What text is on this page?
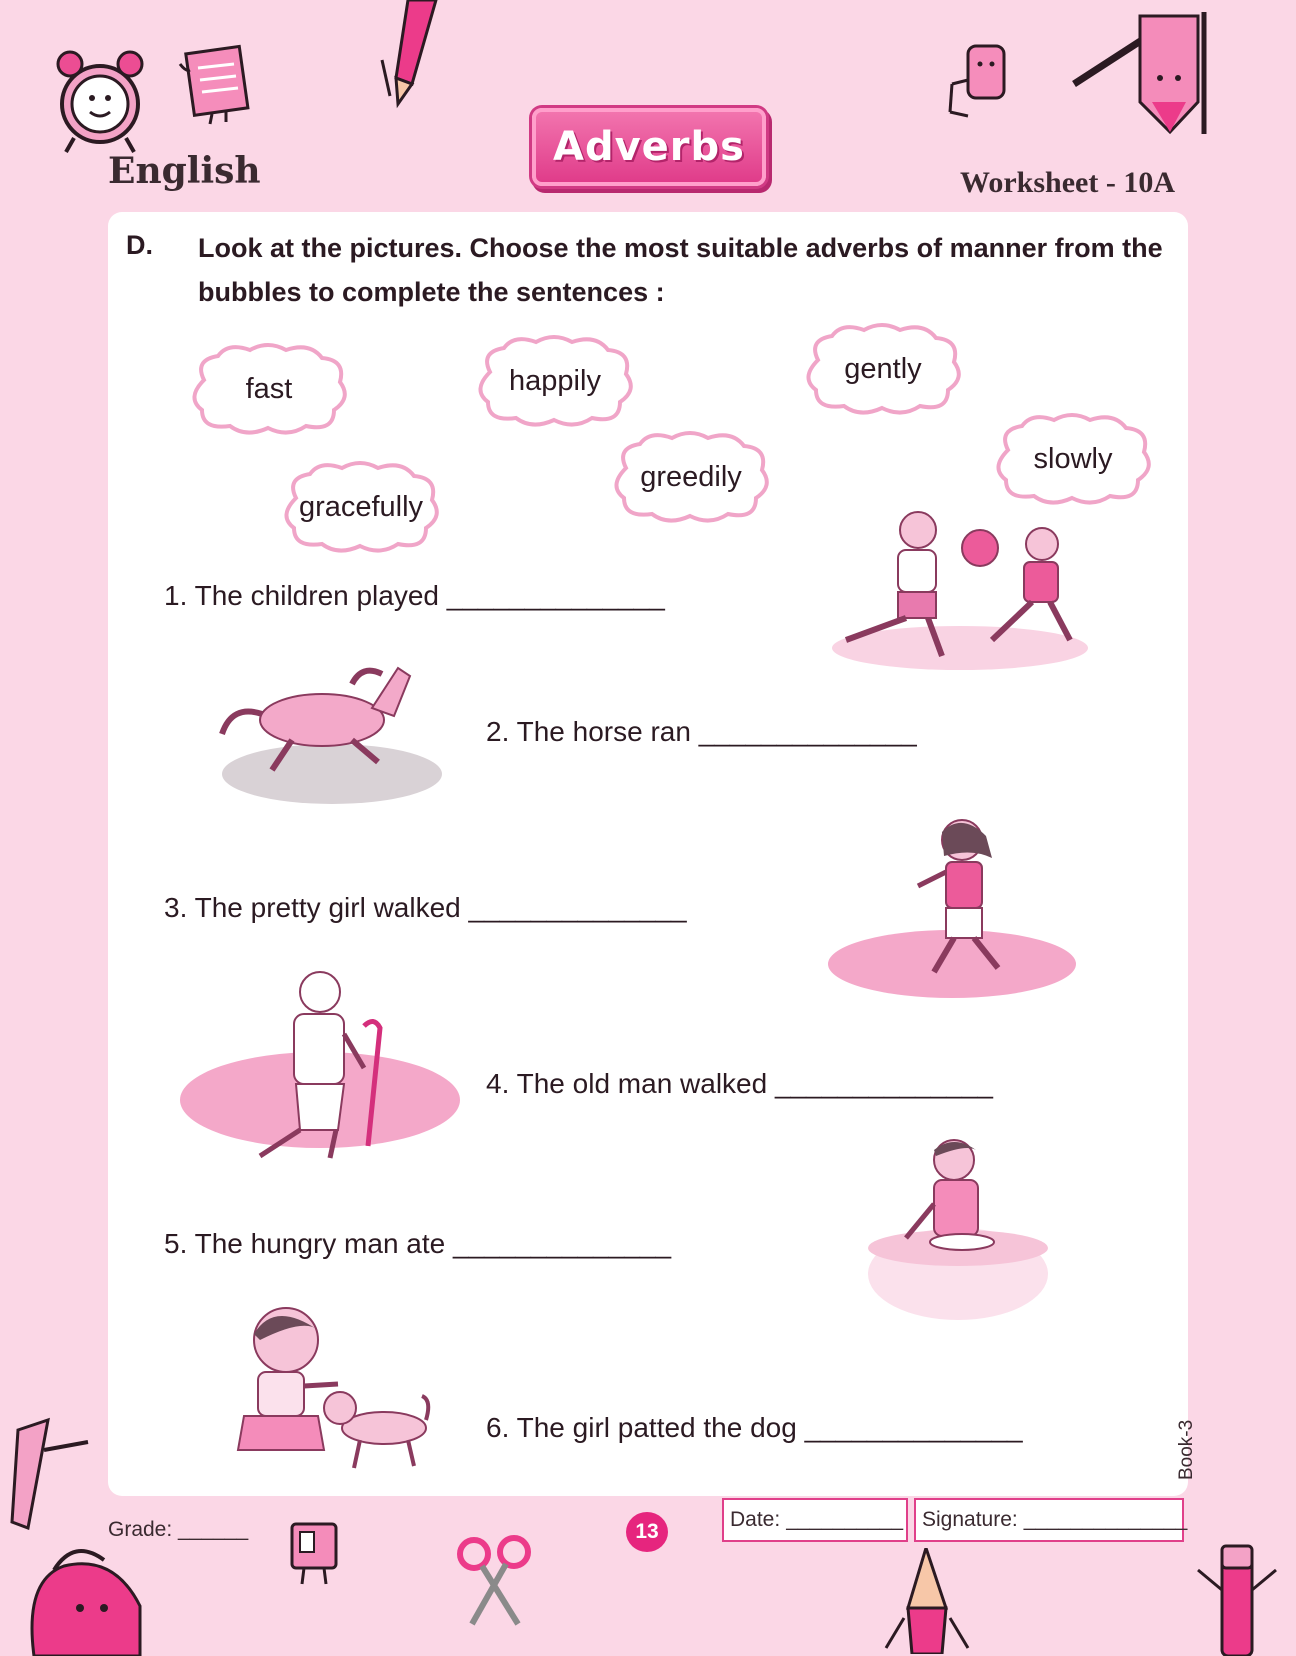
English
Adverbs
Worksheet - 10A
D. Look at the pictures. Choose the most suitable adverbs of manner from the bubbles to complete the sentences :
fast	happily	gently
greedily
slowly
gracefully
1. The children played ______________
2. The horse ran ______________
3. The pretty girl walked ______________
4. The old man walked ______________
5. The hungry man ate ______________
6. The girl patted the dog ______________
Grade: ______	13
Date: __________ Signature: ______________
Book-3
